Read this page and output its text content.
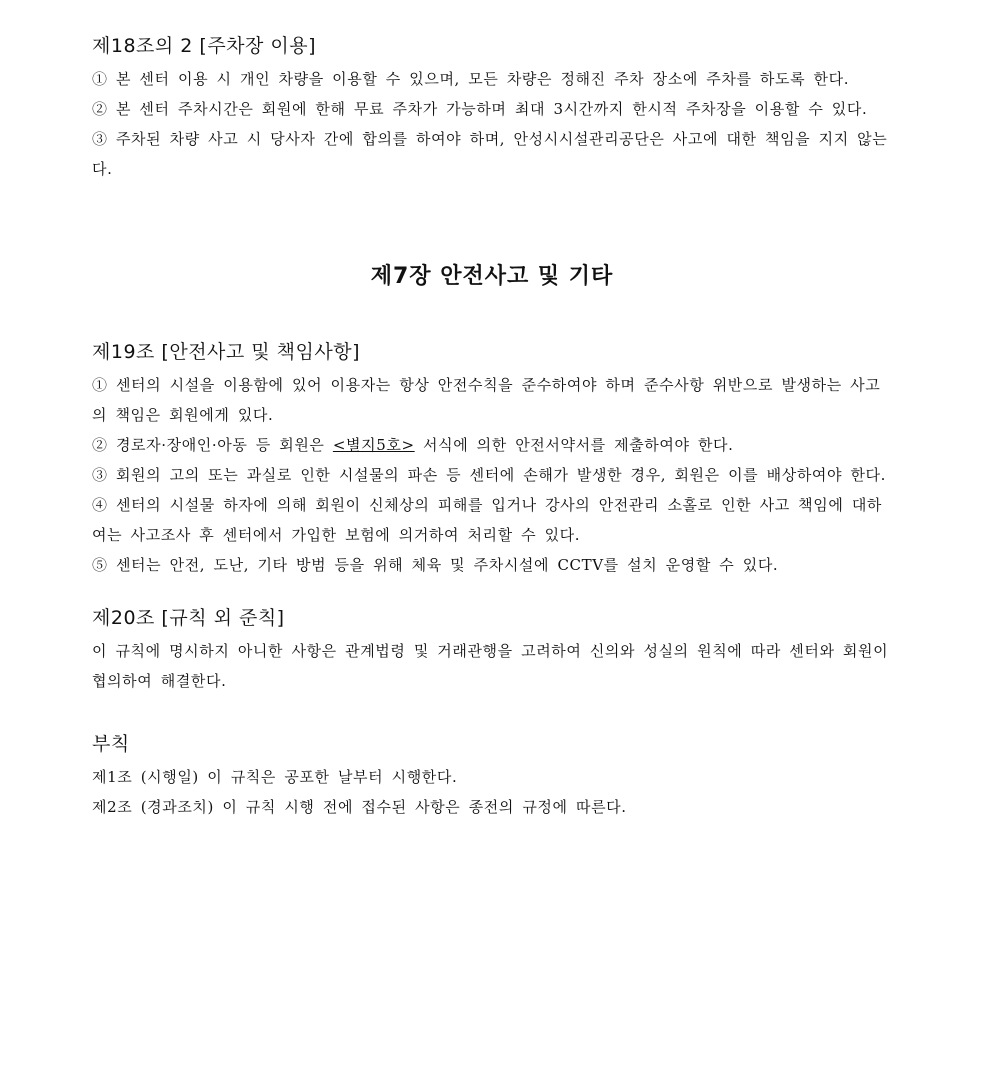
제18조의 2 [주차장 이용]

① 본 센터 이용 시 개인 차량을 이용할 수 있으며, 모든 차량은 정해진 주차 장소에 주차를 하도록 한다.

② 본 센터 주차시간은 회원에 한해 무료 주차가 가능하며 최대 3시간까지 한시적 주차장을 이용할 수 있다.

③ 주차된 차량 사고 시 당사자 간에 합의를 하여야 하며, 안성시시설관리공단은 사고에 대한 책임을 지지 않는다.

제7장 안전사고 및 기타
제19조 [안전사고 및 책임사항]

① 센터의 시설을 이용함에 있어 이용자는 항상 안전수칙을 준수하여야 하며 준수사항 위반으로 발생하는 사고의 책임은 회원에게 있다.

② 경로자·장애인·아동 등 회원은 <별지5호> 서식에 의한 안전서약서를 제출하여야 한다.

③ 회원의 고의 또는 과실로 인한 시설물의 파손 등 센터에 손해가 발생한 경우, 회원은 이를 배상하여야 한다.

④ 센터의 시설물 하자에 의해 회원이 신체상의 피해를 입거나 강사의 안전관리 소홀로 인한 사고 책임에 대하여는 사고조사 후 센터에서 가입한 보험에 의거하여 처리할 수 있다.

⑤ 센터는 안전, 도난, 기타 방범 등을 위해 체육 및 주차시설에 CCTV를 설치 운영할 수 있다.

제20조 [규칙 외 준칙]

이 규칙에 명시하지 아니한 사항은 관계법령 및 거래관행을 고려하여 신의와 성실의 원칙에 따라 센터와 회원이 협의하여 해결한다.

부칙

제1조 (시행일) 이 규칙은 공포한 날부터 시행한다.

제2조 (경과조치) 이 규칙 시행 전에 접수된 사항은 종전의 규정에 따른다.
